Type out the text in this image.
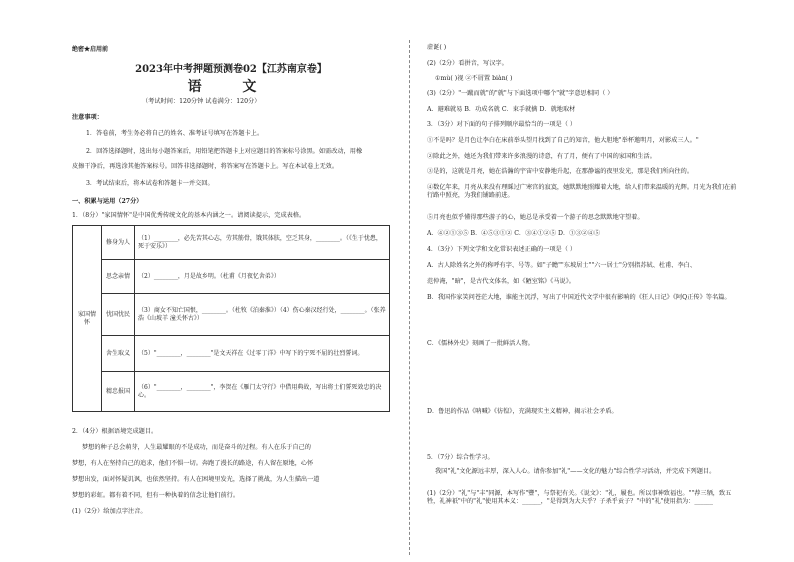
绝密★启用前
2023年中考押题预测卷02【江苏南京卷】
语 文
（考试时间：120分钟 试卷满分：120分）
注意事项：
1．答卷前，考生务必将自己的姓名、准考证号填写在答题卡上。
2．回答选择题时，选出每小题答案后，用铅笔把答题卡上对应题目的答案标号涂黑。如需改动，用橡
皮擦干净后，再选涂其他答案标号。回答非选择题时，将答案写在答题卡上。写在本试卷上无效。
3．考试结束后，将本试卷和答题卡一并交回。
一、积累与运用（27分）
1．（8分）"家国情怀"是中国优秀传统文化的基本内涵之一。请阅读提示，完成表格。
家国情怀	修身为人	（1）________，必先苦其心志，劳其筋骨，饿其体肤，空乏其身，________。（《生于忧患，死于安乐》）
	思念亲情	（2）________，月是故乡明。（杜甫《月夜忆舍弟》）
	忧国忧民	（3）商女不知亡国恨，________。（杜牧《泊秦淮》）（4）伤心秦汉经行处，________。（张养浩《山坡羊 潼关怀古》）
	舍生取义	（5）"________，________"是文天祥在《过零丁洋》中写下的宁死不屈的壮烈誓词。
	精忠报国	（6）"________，________"，李贺在《雁门太守行》中借用典故，写出将士们誓死效忠的决心。
2．（4分）根据语境完成题目。
梦想的种子总会萌芽，人生最耀眼的不是成功，而是奋斗的过程。有人在乐于自己的
梦想，有人在坚持自己的追求，他们不惧一切。奔跑了漫长的路途，有人留在原地，心怀
梦想出发，面对怀疑讥讽，也依然坚持。有人在困境里发光，选择了挑战，为人生描出一道
梦想的彩虹。都有着不同，但有一种执着的信念让他们前行。
(1)（2分）给加点字注音。
虚诞( )
(2)（2分）看拼音，写汉字。
①mù( )视 ②不屑置 biàn( )
(3)（2分）"一蹴而就"的"就"与下面选项中哪个"就"字意思相同（ ）
A．避难就易 B．功成名就 C．束手就擒 D．就地取材
3．（3分）对下面的句子排列顺序最恰当的一项是（ ）
①不是吗？是月色让李白在床前举头望月找到了自己的知音，他大胆地"举杯邀明月，对影成三人。"
②除此之外，她还为我们带来许多浪漫的诗意，有了月，便有了中国的家国和生活。
③是的，这就是月亮，她在浩瀚的宇宙中安静地升起，在那静谧的夜里发光，那是我们所向往的。
④数亿年来，月亮从来没有理睬过广寒宫的寂寞，她默默地照耀着大地，给人们带来温暖的光辉。月光为我们在前行路中照亮，为我们铺路前进。
⑤月亮也似乎懂得那些游子的心，她总是承受着一个游子的思念默默地守望着。
A．④②①③⑤ B．④⑤③①② C．③④①②⑤ D．①③②④⑤
4．（3分）下列文学和文化常识表述正确的一项是（ ）
A．古人除姓名之外的称呼有字、号等。如"子瞻""东坡居士""六一居士"分别指苏轼、杜甫、李白、
范仲淹，"暗"，是古代文体名，如《陋室铭》《马说》。
B．我国作家笑问苍茫大地，谁能主沉浮，写出了中国近代文学中很有影响的《狂人日记》《阿Q正传》等名篇。
C．《儒林外史》刻画了一批鲜活人物。
D．鲁迅的作品《呐喊》《彷徨》，充满现实主义精神，揭示社会矛盾。
5．（7分）综合性学习。
我国"礼"文化源远丰厚，深入人心。请你参加"礼"——文化的魅力"综合性学习活动，并完成下列题目。
(1)（2分）"礼"与"丰"同源，本写作"豐"，与祭祀有关。《说文》："礼，履也。所以事神致福也。""荐三牺，致五牲，礼神祇"中的"礼"使用其本义：______，"是得到为大夫乎？子杀乎贡子？"中的"礼"使用指为：______
